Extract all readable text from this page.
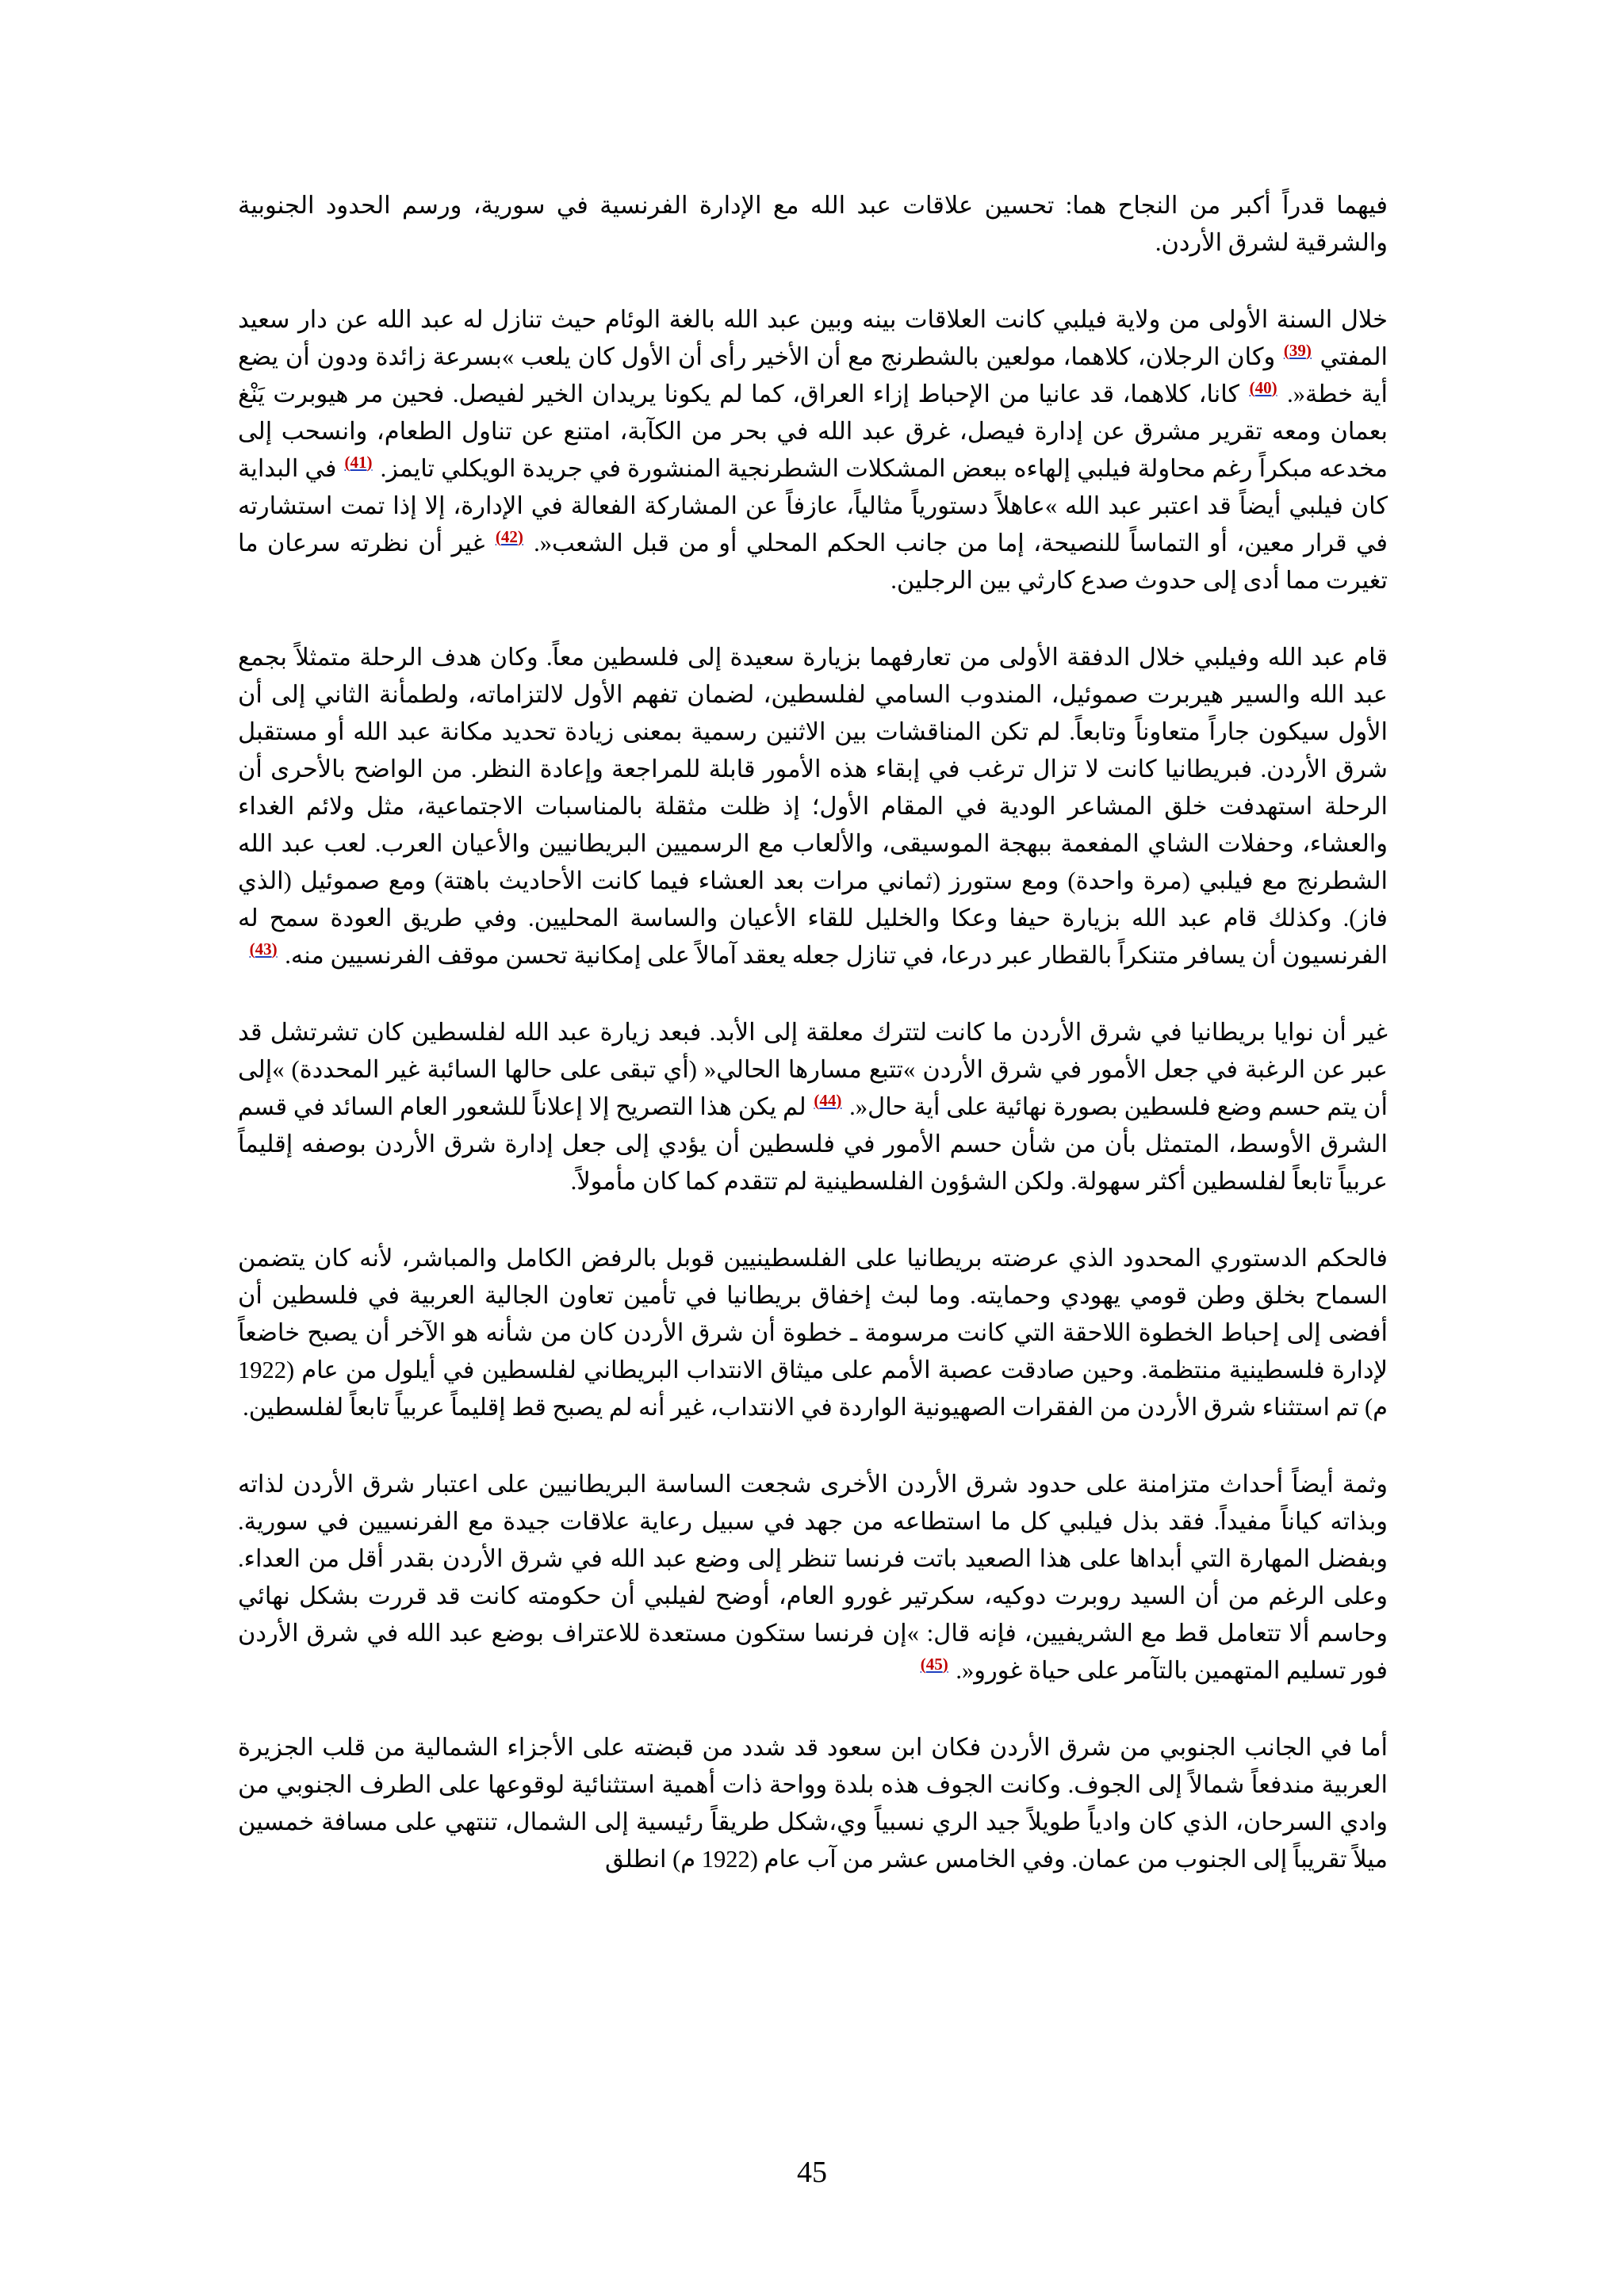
فيهما قدراً أكبر من النجاح هما: تحسين علاقات عبد الله مع الإدارة الفرنسية في سورية، ورسم الحدود الجنوبية والشرقية لشرق الأردن.

خلال السنة الأولى من ولاية فيلبي كانت العلاقات بينه وبين عبد الله بالغة الوئام حيث تنازل له عبد الله عن دار سعيد المفتي $^{(39)}$ وكان الرجلان، كلاهما، مولعين بالشطرنج مع أن الأخير رأى أن الأول كان يلعب »بسرعة زائدة ودون أن يضع أية خطة«. $^{(40)}$ كانا، كلاهما، قد عانيا من الإحباط إزاء العراق، كما لم يكونا يريدان الخير لفيصل. فحين مر هيوبرت يَنْغ بعمان ومعه تقرير مشرق عن إدارة فيصل، غرق عبد الله في بحر من الكآبة، امتنع عن تناول الطعام، وانسحب إلى مخدعه مبكراً رغم محاولة فيلبي إلهاءه ببعض المشكلات الشطرنجية المنشورة في جريدة الويكلي تايمز. $^{(41)}$ في البداية كان فيلبي أيضاً قد اعتبر عبد الله »عاهلاً دستورياً مثالياً، عازفاً عن المشاركة الفعالة في الإدارة، إلا إذا تمت استشارته في قرار معين، أو التماساً للنصيحة، إما من جانب الحكم المحلي أو من قبل الشعب«. $^{(42)}$ غير أن نظرته سرعان ما تغيرت مما أدى إلى حدوث صدع كارثي بين الرجلين.

قام عبد الله وفيلبي خلال الدفقة الأولى من تعارفهما بزيارة سعيدة إلى فلسطين معاً. وكان هدف الرحلة متمثلاً بجمع عبد الله والسير هيربرت صموئيل، المندوب السامي لفلسطين، لضمان تفهم الأول لالتزاماته، ولطمأنة الثاني إلى أن الأول سيكون جاراً متعاوناً وتابعاً. لم تكن المناقشات بين الاثنين رسمية بمعنى زيادة تحديد مكانة عبد الله أو مستقبل شرق الأردن. فبريطانيا كانت لا تزال ترغب في إبقاء هذه الأمور قابلة للمراجعة وإعادة النظر. من الواضح بالأحرى أن الرحلة استهدفت خلق المشاعر الودية في المقام الأول؛ إذ ظلت مثقلة بالمناسبات الاجتماعية، مثل ولائم الغداء والعشاء، وحفلات الشاي المفعمة ببهجة الموسيقى، والألعاب مع الرسميين البريطانيين والأعيان العرب. لعب عبد الله الشطرنج مع فيلبي (مرة واحدة) ومع ستورز (ثماني مرات بعد العشاء فيما كانت الأحاديث باهتة) ومع صموئيل (الذي فاز). وكذلك قام عبد الله بزيارة حيفا وعكا والخليل للقاء الأعيان والساسة المحليين. وفي طريق العودة سمح له الفرنسيون أن يسافر متنكراً بالقطار عبر درعا، في تنازل جعله يعقد آمالاً على إمكانية تحسن موقف الفرنسيين منه. $^{(43)}$

غير أن نوايا بريطانيا في شرق الأردن ما كانت لتترك معلقة إلى الأبد. فبعد زيارة عبد الله لفلسطين كان تشرتشل قد عبر عن الرغبة في جعل الأمور في شرق الأردن »تتبع مسارها الحالي« (أي تبقى على حالها السائبة غير المحددة) »إلى أن يتم حسم وضع فلسطين بصورة نهائية على أية حال«. $^{(44)}$ لم يكن هذا التصريح إلا إعلاناً للشعور العام السائد في قسم الشرق الأوسط، المتمثل بأن من شأن حسم الأمور في فلسطين أن يؤدي إلى جعل إدارة شرق الأردن بوصفه إقليماً عربياً تابعاً لفلسطين أكثر سهولة. ولكن الشؤون الفلسطينية لم تتقدم كما كان مأمولاً.

فالحكم الدستوري المحدود الذي عرضته بريطانيا على الفلسطينيين قوبل بالرفض الكامل والمباشر، لأنه كان يتضمن السماح بخلق وطن قومي يهودي وحمايته. وما لبث إخفاق بريطانيا في تأمين تعاون الجالية العربية في فلسطين أن أفضى إلى إحباط الخطوة اللاحقة التي كانت مرسومة ـ خطوة أن شرق الأردن كان من شأنه هو الآخر أن يصبح خاضعاً لإدارة فلسطينية منتظمة. وحين صادقت عصبة الأمم على ميثاق الانتداب البريطاني لفلسطين في أيلول من عام (1922 م) تم استثناء شرق الأردن من الفقرات الصهيونية الواردة في الانتداب، غير أنه لم يصبح قط إقليماً عربياً تابعاً لفلسطين.

وثمة أيضاً أحداث متزامنة على حدود شرق الأردن الأخرى شجعت الساسة البريطانيين على اعتبار شرق الأردن لذاته وبذاته كياناً مفيداً. فقد بذل فيلبي كل ما استطاعه من جهد في سبيل رعاية علاقات جيدة مع الفرنسيين في سورية. وبفضل المهارة التي أبداها على هذا الصعيد باتت فرنسا تنظر إلى وضع عبد الله في شرق الأردن بقدر أقل من العداء. وعلى الرغم من أن السيد روبرت دوكيه، سكرتير غورو العام، أوضح لفيلبي أن حكومته كانت قد قررت بشكل نهائي وحاسم ألا تتعامل قط مع الشريفيين، فإنه قال: »إن فرنسا ستكون مستعدة للاعتراف بوضع عبد الله في شرق الأردن فور تسليم المتهمين بالتآمر على حياة غورو«. $^{(45)}$

أما في الجانب الجنوبي من شرق الأردن فكان ابن سعود قد شدد من قبضته على الأجزاء الشمالية من قلب الجزيرة العربية مندفعاً شمالاً إلى الجوف. وكانت الجوف هذه بلدة وواحة ذات أهمية استثنائية لوقوعها على الطرف الجنوبي من وادي السرحان، الذي كان وادياً طويلاً جيد الري نسبياً وي،شكل طريقاً رئيسية إلى الشمال، تنتهي على مسافة خمسين ميلاً تقريباً إلى الجنوب من عمان. وفي الخامس عشر من آب عام (1922 م) انطلق

45
